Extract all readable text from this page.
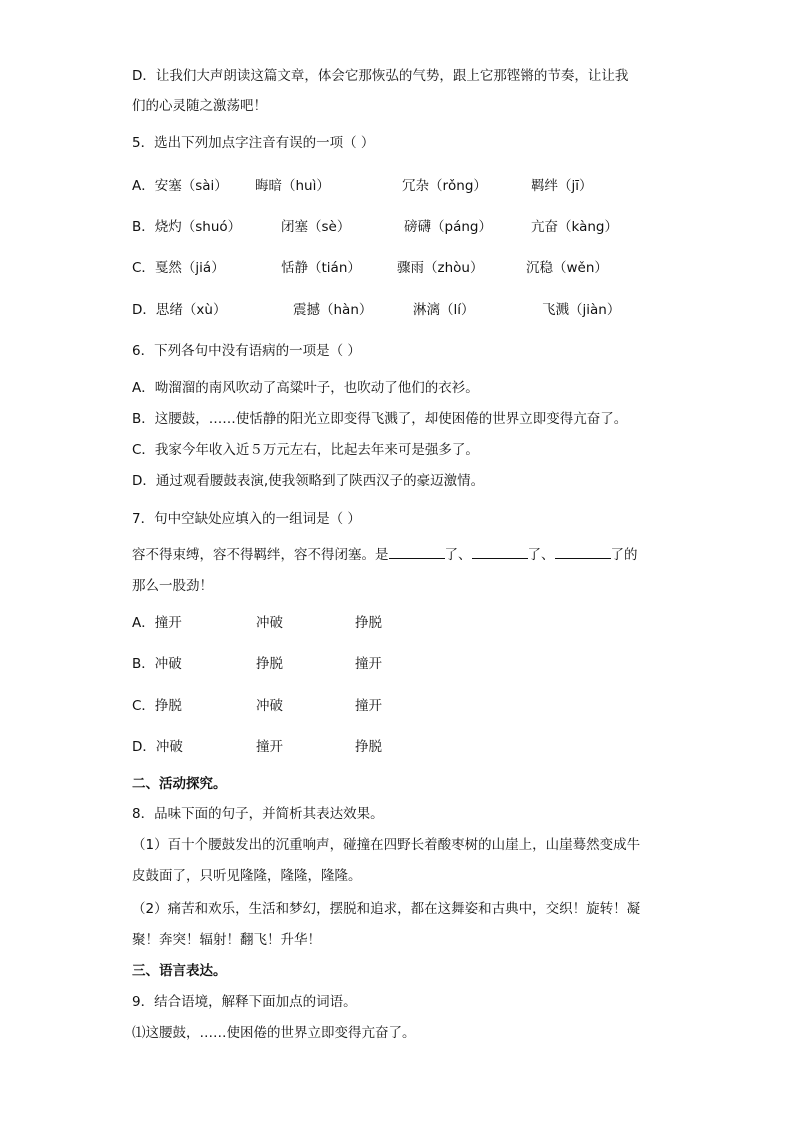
D．让我们大声朗读这篇文章，体会它那恢弘的气势，跟上它那铿锵的节奏，让让我
们的心灵随之激荡吧！
5．选出下列加点字注音有误的一项（ ）
A．安塞（sài） 晦暗（huì）	冗杂（rǒng）	羁绊（jī）
B．烧灼（shuó）	闭塞（sè）	磅礴（páng）	亢奋（kàng）
C．戛然（jiá）	恬静（tián）	骤雨（zhòu）	沉稳（wěn）
D．思绪（xù）	震撼（hàn）	淋漓（lí）	飞溅（jiàn）
6．下列各句中没有语病的一项是（ ）
A．呦溜溜的南风吹动了高粱叶子，也吹动了他们的衣衫。
B．这腰鼓，……使恬静的阳光立即变得飞溅了，却使困倦的世界立即变得亢奋了。
C．我家今年收入近５万元左右，比起去年来可是强多了。
D．通过观看腰鼓表演,使我领略到了陕西汉子的豪迈激情。
7．句中空缺处应填入的一组词是（ ）
容不得束缚，容不得羁绊，容不得闭塞。是	了、	了、	了的
那么一股劲！
A．撞开	冲破	挣脱
B．冲破	挣脱	撞开
C．挣脱	冲破	撞开
D．冲破	撞开	挣脱
二、活动探究。
8．品味下面的句子，并简析其表达效果。
（1）百十个腰鼓发出的沉重响声，碰撞在四野长着酸枣树的山崖上，山崖蓦然变成牛
皮鼓面了，只听见隆隆，隆隆，隆隆。
（2）痛苦和欢乐，生活和梦幻，摆脱和追求，都在这舞姿和古典中，交织！旋转！凝
聚！奔突！辐射！翻飞！升华！
三、语言表达。
9．结合语境，解释下面加点的词语。
⑴这腰鼓，……使困倦的世界立即变得亢奋了。
